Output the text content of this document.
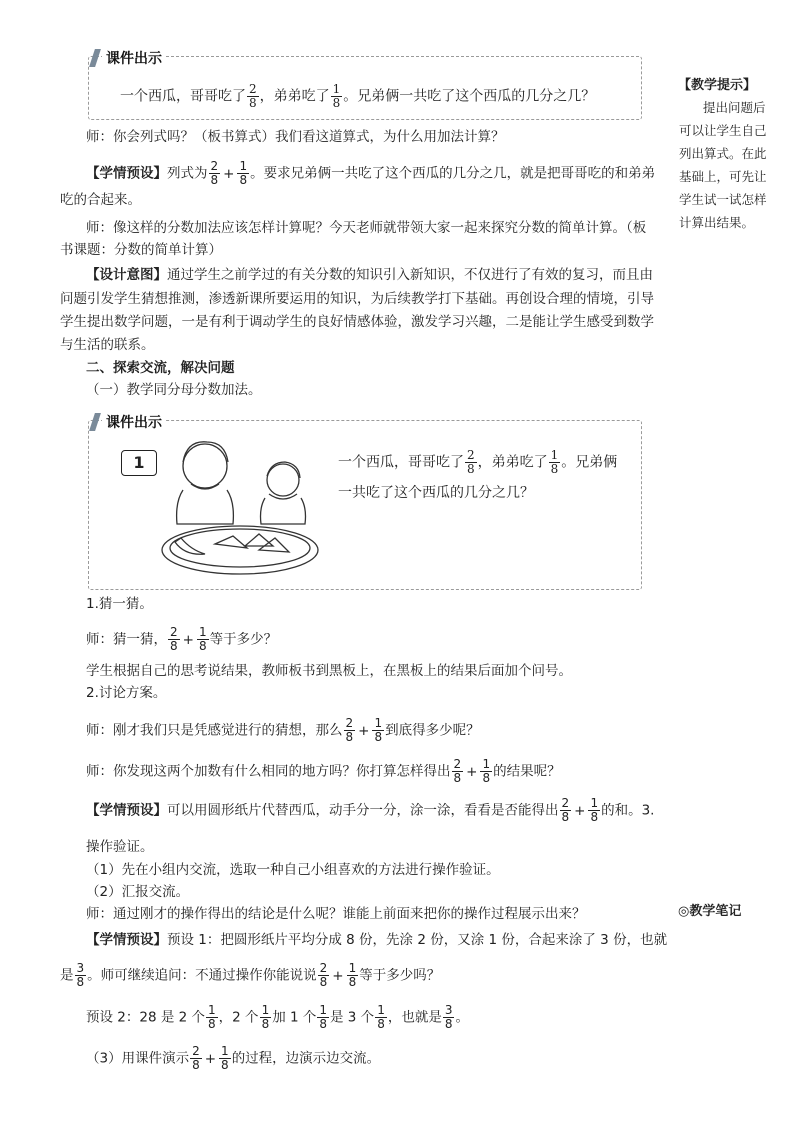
课件出示
一个西瓜，哥哥吃了 $\frac{2}{8}$ ，弟弟吃了 $\frac{1}{8}$ 。兄弟俩一共吃了这个西瓜的几分之几？
【教学提示】
提出问题后可以让学生自己列出算式。在此基础上，可先让学生试一试怎样计算出结果。
师：你会列式吗？（板书算式）我们看这道算式，为什么用加法计算？
【学情预设】列式为 $\frac{2}{8} + \frac{1}{8}$ 。要求兄弟俩一共吃了这个西瓜的几分之几，就是把哥哥吃的和弟弟
吃的合起来。
师：像这样的分数加法应该怎样计算呢？今天老师就带领大家一起来探究分数的简单计算。（板
书课题：分数的简单计算）
【设计意图】通过学生之前学过的有关分数的知识引入新知识，不仅进行了有效的复习，而且由
问题引发学生猜想推测，渗透新课所要运用的知识，为后续教学打下基础。再创设合理的情境，引导
学生提出数学问题，一是有利于调动学生的良好情感体验，激发学习兴趣，二是能让学生感受到数学
与生活的联系。
二、探索交流，解决问题
（一）教学同分母分数加法。
课件出示
1	一个西瓜，哥哥吃了 $\frac{2}{8}$ ，弟弟吃了 $\frac{1}{8}$ 。兄弟俩
一共吃了这个西瓜的几分之几？
1.猜一猜。
师：猜一猜， $\frac{2}{8} + \frac{1}{8}$ 等于多少？
学生根据自己的思考说结果，教师板书到黑板上，在黑板上的结果后面加个问号。
2.讨论方案。
师：刚才我们只是凭感觉进行的猜想，那么 $\frac{2}{8} + \frac{1}{8}$ 到底得多少呢？
师：你发现这两个加数有什么相同的地方吗？你打算怎样得出 $\frac{2}{8} + \frac{1}{8}$ 的结果呢？
【学情预设】可以用圆形纸片代替西瓜，动手分一分，涂一涂，看看是否能得出 $\frac{2}{8} + \frac{1}{8}$ 的和。3.
操作验证。
（1）先在小组内交流，选取一种自己小组喜欢的方法进行操作验证。
（2）汇报交流。
师：通过刚才的操作得出的结论是什么呢？谁能上前面来把你的操作过程展示出来？	◎教学笔记
【学情预设】预设 1：把圆形纸片平均分成 8 份，先涂 2 份，又涂 1 份，合起来涂了 3 份，也就
是 $\frac{3}{8}$ 。师可继续追问：不通过操作你能说说 $\frac{2}{8} + \frac{1}{8}$ 等于多少吗？
预设 2：28 是 2 个 $\frac{1}{8}$ ，2 个 $\frac{1}{8}$ 加 1 个 $\frac{1}{8}$ 是 3 个 $\frac{1}{8}$ ，也就是 $\frac{3}{8}$ 。
（3）用课件演示 $\frac{2}{8} + \frac{1}{8}$ 的过程，边演示边交流。
